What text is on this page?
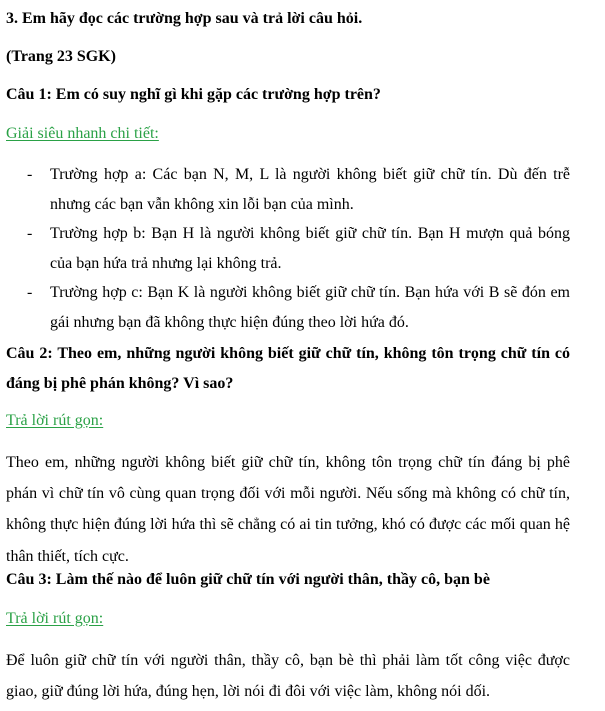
3. Em hãy đọc các trường hợp sau và trả lời câu hỏi.
(Trang 23 SGK)
Câu 1: Em có suy nghĩ gì khi gặp các trường hợp trên?
Giải siêu nhanh chi tiết:
- Trường hợp a: Các bạn N, M, L là người không biết giữ chữ tín. Dù đến trễ nhưng các bạn vẫn không xin lỗi bạn của mình.
- Trường hợp b: Bạn H là người không biết giữ chữ tín. Bạn H mượn quả bóng của bạn hứa trả nhưng lại không trả.
- Trường hợp c: Bạn K là người không biết giữ chữ tín. Bạn hứa với B sẽ đón em gái nhưng bạn đã không thực hiện đúng theo lời hứa đó.
Câu 2: Theo em, những người không biết giữ chữ tín, không tôn trọng chữ tín có đáng bị phê phán không? Vì sao?
Trả lời rút gọn:
Theo em, những người không biết giữ chữ tín, không tôn trọng chữ tín đáng bị phê phán vì chữ tín vô cùng quan trọng đối với mỗi người. Nếu sống mà không có chữ tín, không thực hiện đúng lời hứa thì sẽ chẳng có ai tin tưởng, khó có được các mối quan hệ thân thiết, tích cực.
Câu 3: Làm thế nào để luôn giữ chữ tín với người thân, thầy cô, bạn bè
Trả lời rút gọn:
Để luôn giữ chữ tín với người thân, thầy cô, bạn bè thì phải làm tốt công việc được giao, giữ đúng lời hứa, đúng hẹn, lời nói đi đôi với việc làm, không nói dối.
